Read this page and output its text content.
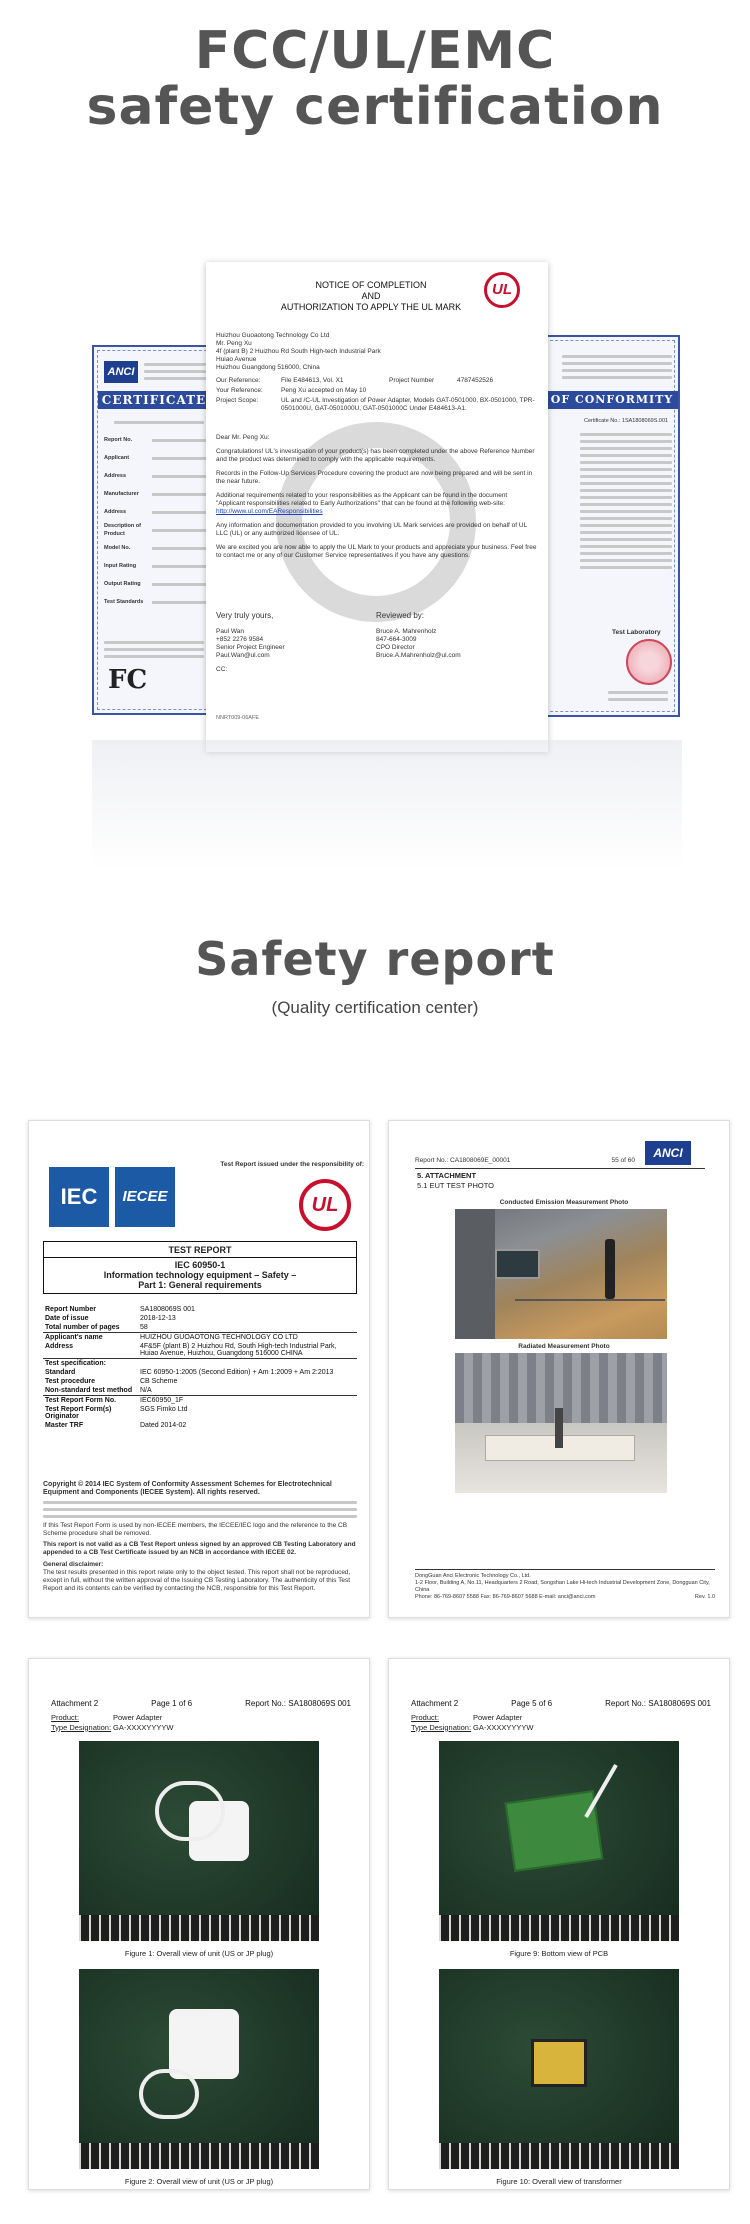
FCC/UL/EMC
safety certification
ANCI
CERTIFICATE
Report No.
Applicant
Address
Manufacturer
Address
Description of Product
Model No.
Input Rating
Output Rating
Test Standards
FC
OF CONFORMITY
Certificate No.: 1SA1808069S.001
Test Laboratory
UL
NOTICE OF COMPLETION
AND
AUTHORIZATION TO APPLY THE UL MARK
Huizhou Guoaotong Technology Co Ltd
Mr. Peng Xu
4f (plant B) 2 Huizhou Rd South High-tech Industrial Park
Huiao Avenue
Huizhou Guangdong 516000, China
Our Reference:	File E484613, Vol. X1	Project Number	4787452526
Your Reference:	Peng Xu accepted on May 10
Project Scope:	UL and /C-UL Investigation of Power Adapter, Models GAT-0501000, BX-0501000, TPR-0501000U, GAT-0501000U, GAT-0501000C Under E484613-A1.
Dear Mr. Peng Xu:
Congratulations! UL's investigation of your product(s) has been completed under the above Reference Number and the product was determined to comply with the applicable requirements.
Records in the Follow-Up Services Procedure covering the product are now being prepared and will be sent in the near future.
Additional requirements related to your responsibilities as the Applicant can be found in the document "Applicant responsibilities related to Early Authorizations" that can be found at the following web-site:
http://www.ul.com/EAResponsibilities
Any information and documentation provided to you involving UL Mark services are provided on behalf of UL LLC (UL) or any authorized licensee of UL.
We are excited you are now able to apply the UL Mark to your products and appreciate your business. Feel free to contact me or any of our Customer Service representatives if you have any questions.
Very truly yours,
Paul Wan
+852 2276 9584
Senior Project Engineer
Paul.Wan@ul.com
CC:
Reviewed by:
Bruce A. Mahrenholz
847-664-3009
CPO Director
Bruce.A.Mahrenholz@ul.com
NNRT009-06AFE
Safety report
(Quality certification center)
Test Report issued under the responsibility of:
IEC	IECEE	UL
TEST REPORT
IEC 60950-1
Information technology equipment – Safety –
Part 1: General requirements
Report Number	SA1808069S 001
Date of issue	2018-12-13
Total number of pages	58
Applicant's name	HUIZHOU GUOAOTONG TECHNOLOGY CO LTD
Address	4F&5F (plant B) 2 Huizhou Rd, South High-tech Industrial Park, Huiao Avenue, Huizhou, Guangdong 516000 CHINA
Test specification:	
Standard	IEC 60950-1:2005 (Second Edition) + Am 1:2009 + Am 2:2013
Test procedure	CB Scheme
Non-standard test method	N/A
Test Report Form No.	IEC60950_1F
Test Report Form(s) Originator	SGS Fimko Ltd
Master TRF	Dated 2014-02
Copyright © 2014 IEC System of Conformity Assessment Schemes for Electrotechnical Equipment and Components (IECEE System). All rights reserved.
If this Test Report Form is used by non-IECEE members, the IECEE/IEC logo and the reference to the CB Scheme procedure shall be removed.
This report is not valid as a CB Test Report unless signed by an approved CB Testing Laboratory and appended to a CB Test Certificate issued by an NCB in accordance with IECEE 02.
General disclaimer:
The test results presented in this report relate only to the object tested. This report shall not be reproduced, except in full, without the written approval of the Issuing CB Testing Laboratory. The authenticity of this Test Report and its contents can be verified by contacting the NCB, responsible for this Test Report.
ANCI
Report No.: CA1808069E_00001	55 of 60
5. ATTACHMENT
5.1 EUT TEST PHOTO
Conducted Emission Measurement Photo
Radiated Measurement Photo
DongGuan Anci Electronic Technology Co., Ltd.
1-2 Floor, Building A, No.11, Headquarters 2 Road, Songshan Lake Hi-tech Industrial Development Zone, Dongguan City, China
Phone: 86-769-8607 5588 Fax: 86-769-8607 5688 E-mail: anci@anci.com	Rev. 1.0
Attachment 2	Page 1 of 6	Report No.: SA1808069S 001
Product:	Power Adapter
Type Designation: GA-XXXXYYYYW
Figure 1: Overall view of unit (US or JP plug)
Figure 2: Overall view of unit (US or JP plug)
Attachment 2	Page 5 of 6	Report No.: SA1808069S 001
Product:	Power Adapter
Type Designation: GA-XXXXYYYYW
Figure 9: Bottom view of PCB
Figure 10: Overall view of transformer
